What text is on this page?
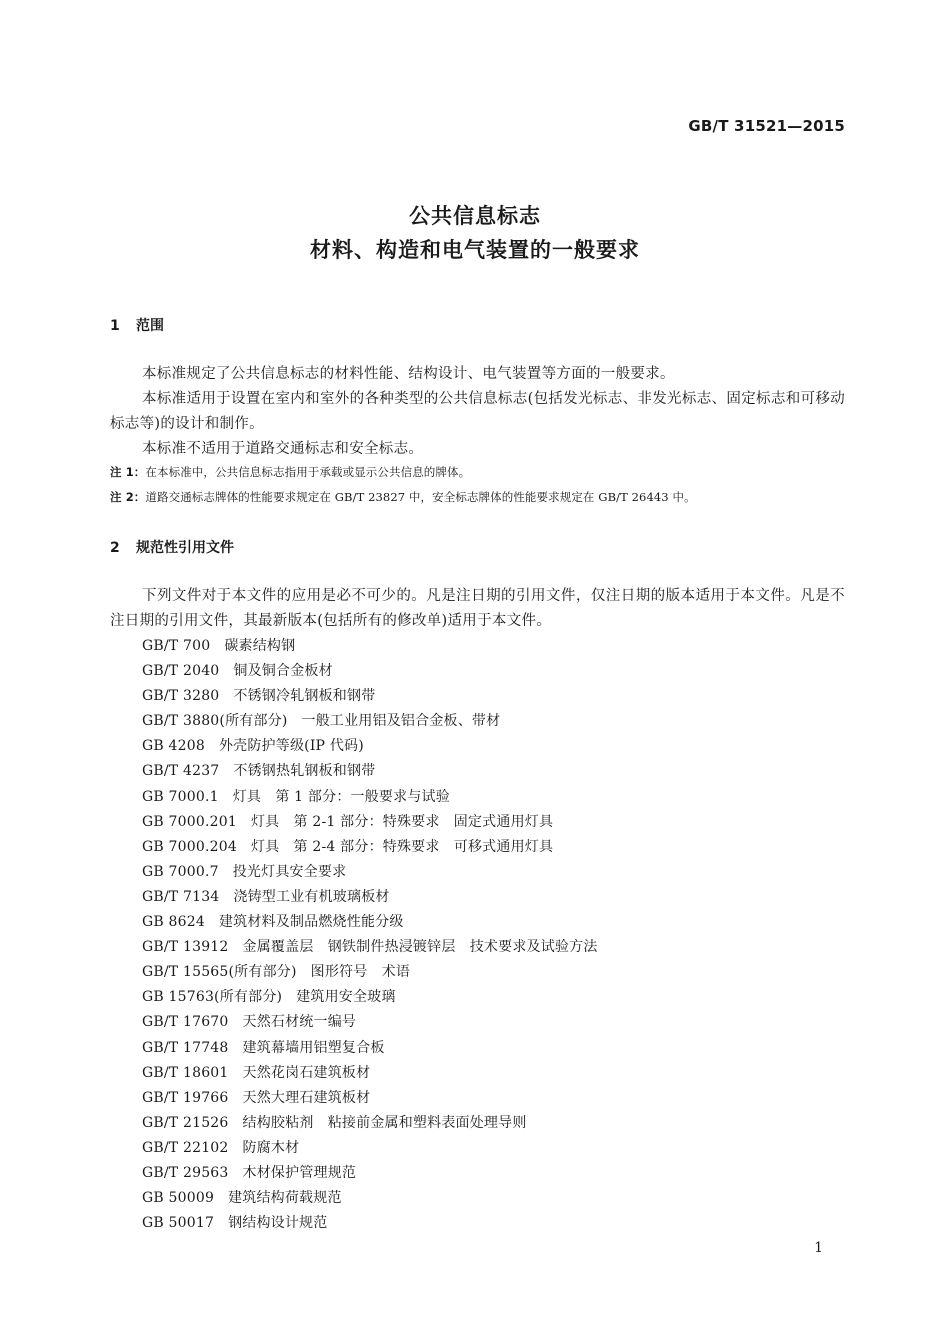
GB/T 31521—2015
公共信息标志
材料、构造和电气装置的一般要求
1 范围
本标准规定了公共信息标志的材料性能、结构设计、电气装置等方面的一般要求。
本标准适用于设置在室内和室外的各种类型的公共信息标志(包括发光标志、非发光标志、固定标志和可移动标志等)的设计和制作。
本标准不适用于道路交通标志和安全标志。
注 1：在本标准中，公共信息标志指用于承载或显示公共信息的牌体。
注 2：道路交通标志牌体的性能要求规定在 GB/T 23827 中，安全标志牌体的性能要求规定在 GB/T 26443 中。
2 规范性引用文件
下列文件对于本文件的应用是必不可少的。凡是注日期的引用文件，仅注日期的版本适用于本文件。凡是不注日期的引用文件，其最新版本(包括所有的修改单)适用于本文件。
GB/T 700 碳素结构钢
GB/T 2040 铜及铜合金板材
GB/T 3280 不锈钢冷轧钢板和钢带
GB/T 3880(所有部分) 一般工业用铝及铝合金板、带材
GB 4208 外壳防护等级(IP 代码)
GB/T 4237 不锈钢热轧钢板和钢带
GB 7000.1 灯具　第 1 部分：一般要求与试验
GB 7000.201 灯具　第 2-1 部分：特殊要求　固定式通用灯具
GB 7000.204 灯具　第 2-4 部分：特殊要求　可移式通用灯具
GB 7000.7 投光灯具安全要求
GB/T 7134 浇铸型工业有机玻璃板材
GB 8624 建筑材料及制品燃烧性能分级
GB/T 13912 金属覆盖层　钢铁制件热浸镀锌层　技术要求及试验方法
GB/T 15565(所有部分) 图形符号　术语
GB 15763(所有部分) 建筑用安全玻璃
GB/T 17670 天然石材统一编号
GB/T 17748 建筑幕墙用铝塑复合板
GB/T 18601 天然花岗石建筑板材
GB/T 19766 天然大理石建筑板材
GB/T 21526 结构胶粘剂　粘接前金属和塑料表面处理导则
GB/T 22102 防腐木材
GB/T 29563 木材保护管理规范
GB 50009 建筑结构荷载规范
GB 50017 钢结构设计规范
1
